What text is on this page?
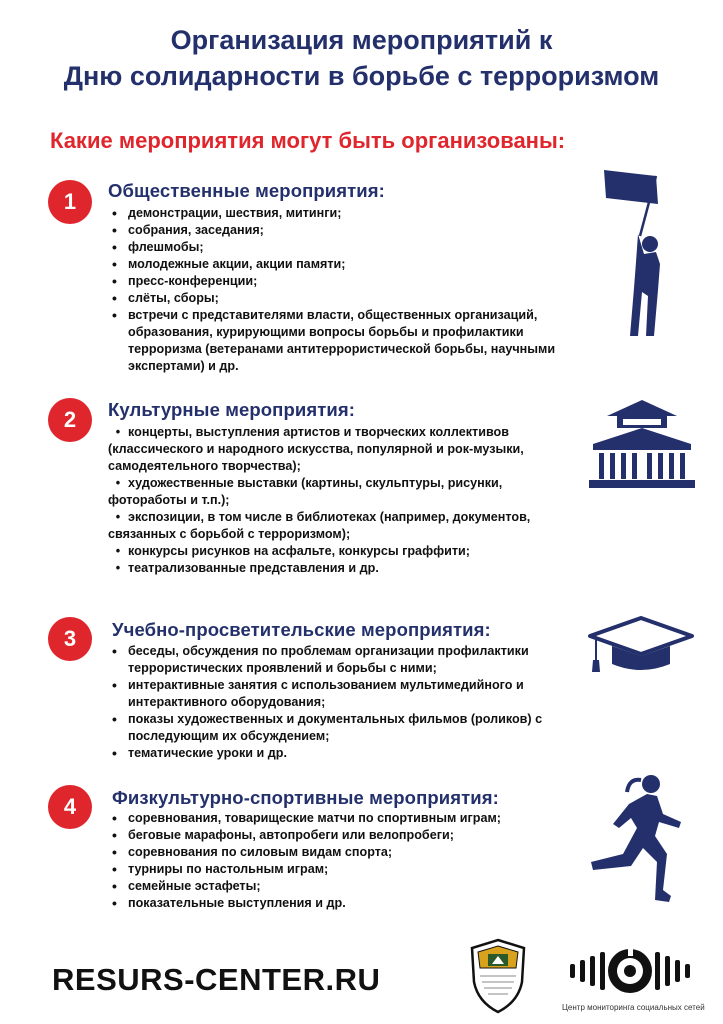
Организация мероприятий к
Дню солидарности в борьбе с терроризмом
Какие мероприятия могут быть организованы:
1	Общественные мероприятия:
• демонстрации, шествия, митинги;
• собрания, заседания;
• флешмобы;
• молодежные акции, акции памяти;
• пресс-конференции;
• слёты, сборы;
• встречи с представителями власти, общественных организаций, образования, курирующими вопросы борьбы и профилактики терроризма (ветеранами антитеррористической борьбы, научными экспертами) и др.
2	Культурные мероприятия:
• концерты, выступления артистов и творческих коллективов (классического и народного искусства, популярной и рок-музыки, самодеятельного творчества);
• художественные выставки (картины, скульптуры, рисунки, фотоработы и т.п.);
• экспозиции, в том числе в библиотеках (например, документов, связанных с борьбой с терроризмом);
• конкурсы рисунков на асфальте, конкурсы граффити;
• театрализованные представления и др.
3	Учебно-просветительские мероприятия:
• беседы, обсуждения по проблемам организации профилактики террористических проявлений и борьбы с ними;
• интерактивные занятия с использованием мультимедийного и интерактивного оборудования;
• показы художественных и документальных фильмов (роликов) с последующим их обсуждением;
• тематические уроки и др.
4	Физкультурно-спортивные мероприятия:
• соревнования, товарищеские матчи по спортивным играм;
• беговые марафоны, автопробеги или велопробеги;
• соревнования по силовым видам спорта;
• турниры по настольным играм;
• семейные эстафеты;
• показательные выступления и др.
RESURS-CENTER.RU
Центр мониторинга социальных сетей
